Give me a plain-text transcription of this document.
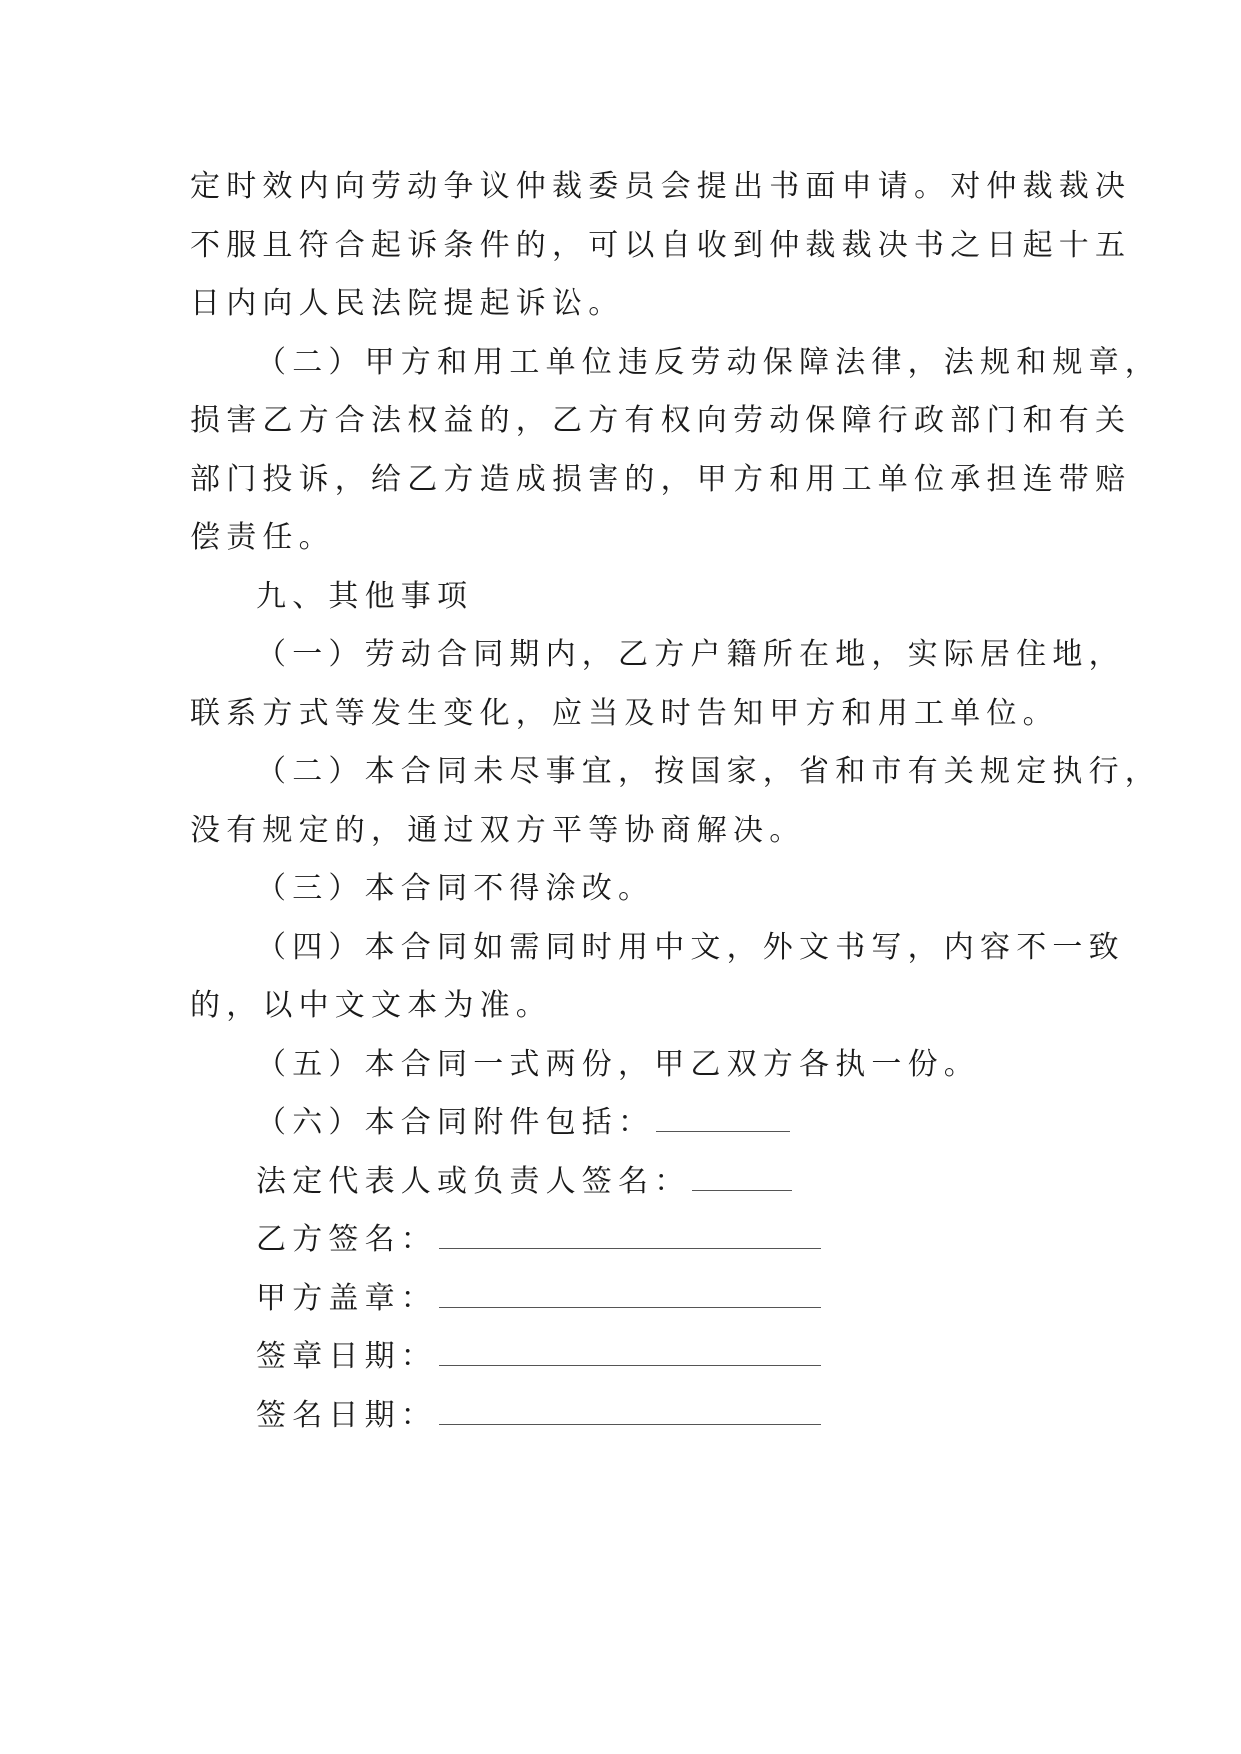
定时效内向劳动争议仲裁委员会提出书面申请。对仲裁裁决
不服且符合起诉条件的，可以自收到仲裁裁决书之日起十五
日内向人民法院提起诉讼。
（二）甲方和用工单位违反劳动保障法律，法规和规章，
损害乙方合法权益的，乙方有权向劳动保障行政部门和有关
部门投诉，给乙方造成损害的，甲方和用工单位承担连带赔
偿责任。
九、其他事项
（一）劳动合同期内，乙方户籍所在地，实际居住地，
联系方式等发生变化，应当及时告知甲方和用工单位。
（二）本合同未尽事宜，按国家，省和市有关规定执行，
没有规定的，通过双方平等协商解决。
（三）本合同不得涂改。
（四）本合同如需同时用中文，外文书写，内容不一致
的，以中文文本为准。
（五）本合同一式两份，甲乙双方各执一份。
（六）本合同附件包括：
法定代表人或负责人签名：
乙方签名：
甲方盖章：
签章日期：
签名日期：
